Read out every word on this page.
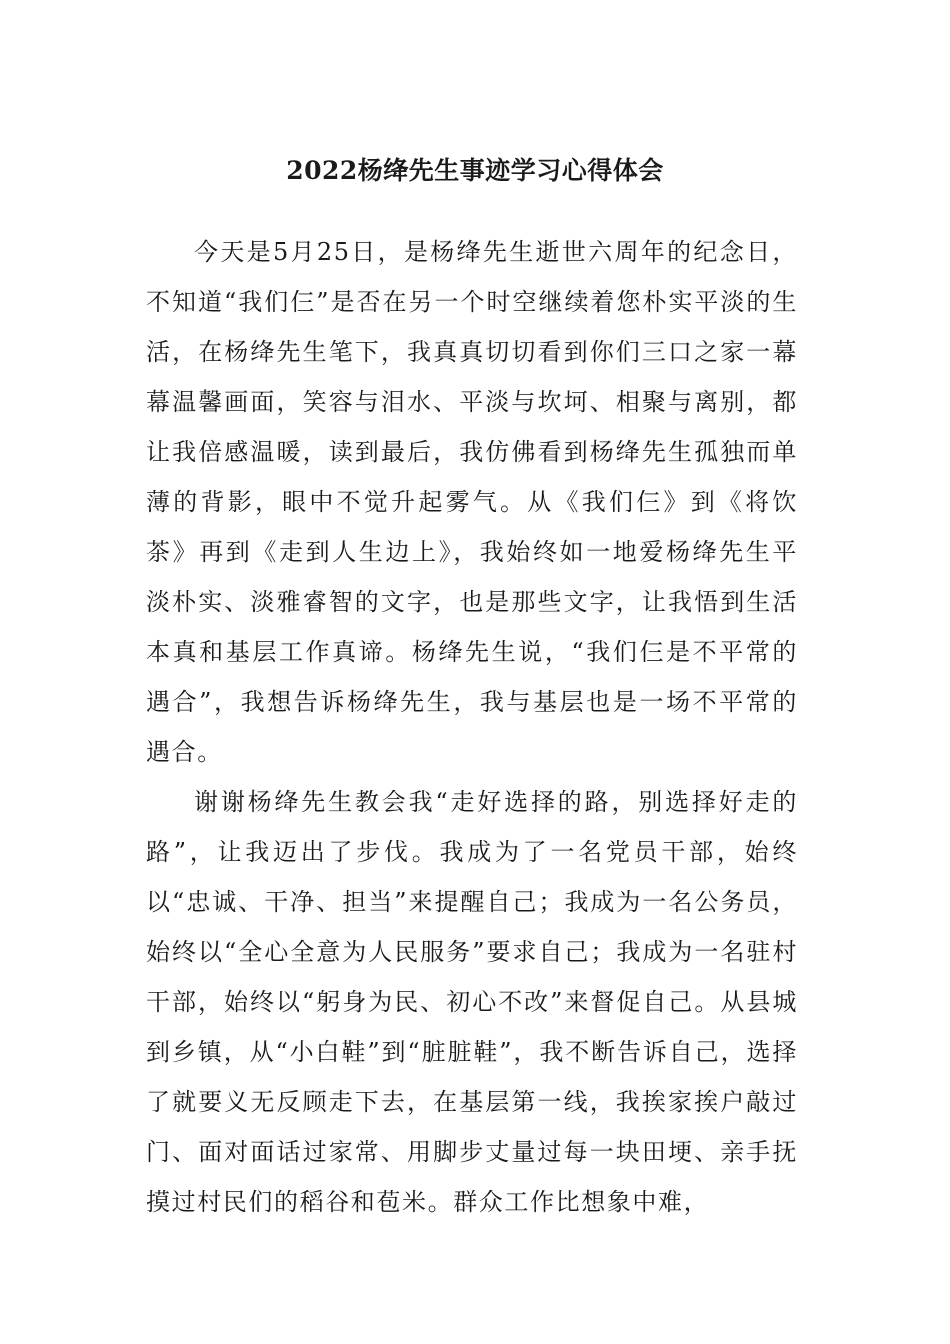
2022杨绛先生事迹学习心得体会

今天是5月25日，是杨绛先生逝世六周年的纪念日，不知道“我们仨”是否在另一个时空继续着您朴实平淡的生活，在杨绛先生笔下，我真真切切看到你们三口之家一幕幕温馨画面，笑容与泪水、平淡与坎坷、相聚与离别，都让我倍感温暖，读到最后，我仿佛看到杨绛先生孤独而单薄的背影，眼中不觉升起雾气。从《我们仨》到《将饮茶》再到《走到人生边上》，我始终如一地爱杨绛先生平淡朴实、淡雅睿智的文字，也是那些文字，让我悟到生活本真和基层工作真谛。杨绛先生说，“我们仨是不平常的遇合”，我想告诉杨绛先生，我与基层也是一场不平常的遇合。

谢谢杨绛先生教会我“走好选择的路，别选择好走的路”，让我迈出了步伐。我成为了一名党员干部，始终以“忠诚、干净、担当”来提醒自己；我成为一名公务员，始终以“全心全意为人民服务”要求自己；我成为一名驻村干部，始终以“躬身为民、初心不改”来督促自己。从县城到乡镇，从“小白鞋”到“脏脏鞋”，我不断告诉自己，选择了就要义无反顾走下去，在基层第一线，我挨家挨户敲过门、面对面话过家常、用脚步丈量过每一块田埂、亲手抚摸过村民们的稻谷和苞米。群众工作比想象中难，
